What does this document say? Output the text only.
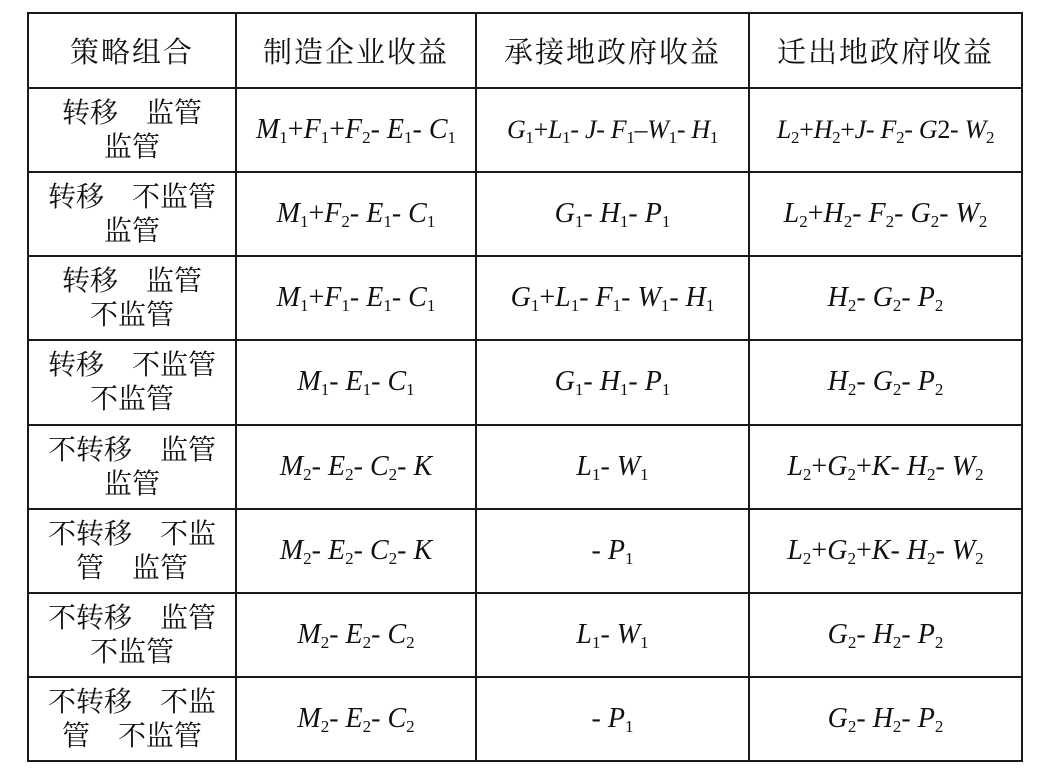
策略组合	制造企业收益	承接地政府收益	迁出地政府收益

转移　监管
监管	$M_1+F_1+F_2-$ $E_1-$ $C_1$	$G_1+L_1-$ J- $F_1-W_1-$ $H_1$	$L_2+H_2+J-$ $F_2-$ G2- $W_2$

转移　不监管
监管	$M_1+F_2-$ $E_1-$ $C_1$	$G_1-$ $H_1-$ $P_1$	$L_2+H_2-$ $F_2-$ $G_2-$ $W_2$

转移　监管
不监管	$M_1+F_1-$ $E_1-$ $C_1$	$G_1+L_1-$ $F_1-$ $W_1-$ $H_1$	$H_2-$ $G_2-$ $P_2$

转移　不监管
不监管	$M_1-$ $E_1-$ $C_1$	$G_1-$ $H_1-$ $P_1$	$H_2-$ $G_2-$ $P_2$

不转移　监管
监管	$M_2-$ $E_2-$ $C_2-$ K	$L_1-$ $W_1$	$L_2+G_2+K-$ $H_2-$ $W_2$

不转移　不监
管　监管	$M_2-$ $E_2-$ $C_2-$ K	- $P_1$	$L_2+G_2+K-$ $H_2-$ $W_2$

不转移　监管
不监管	$M_2-$ $E_2-$ $C_2$	$L_1-$ $W_1$	$G_2-$ $H_2-$ $P_2$

不转移　不监
管　不监管	$M_2-$ $E_2-$ $C_2$	- $P_1$	$G_2-$ $H_2-$ $P_2$
